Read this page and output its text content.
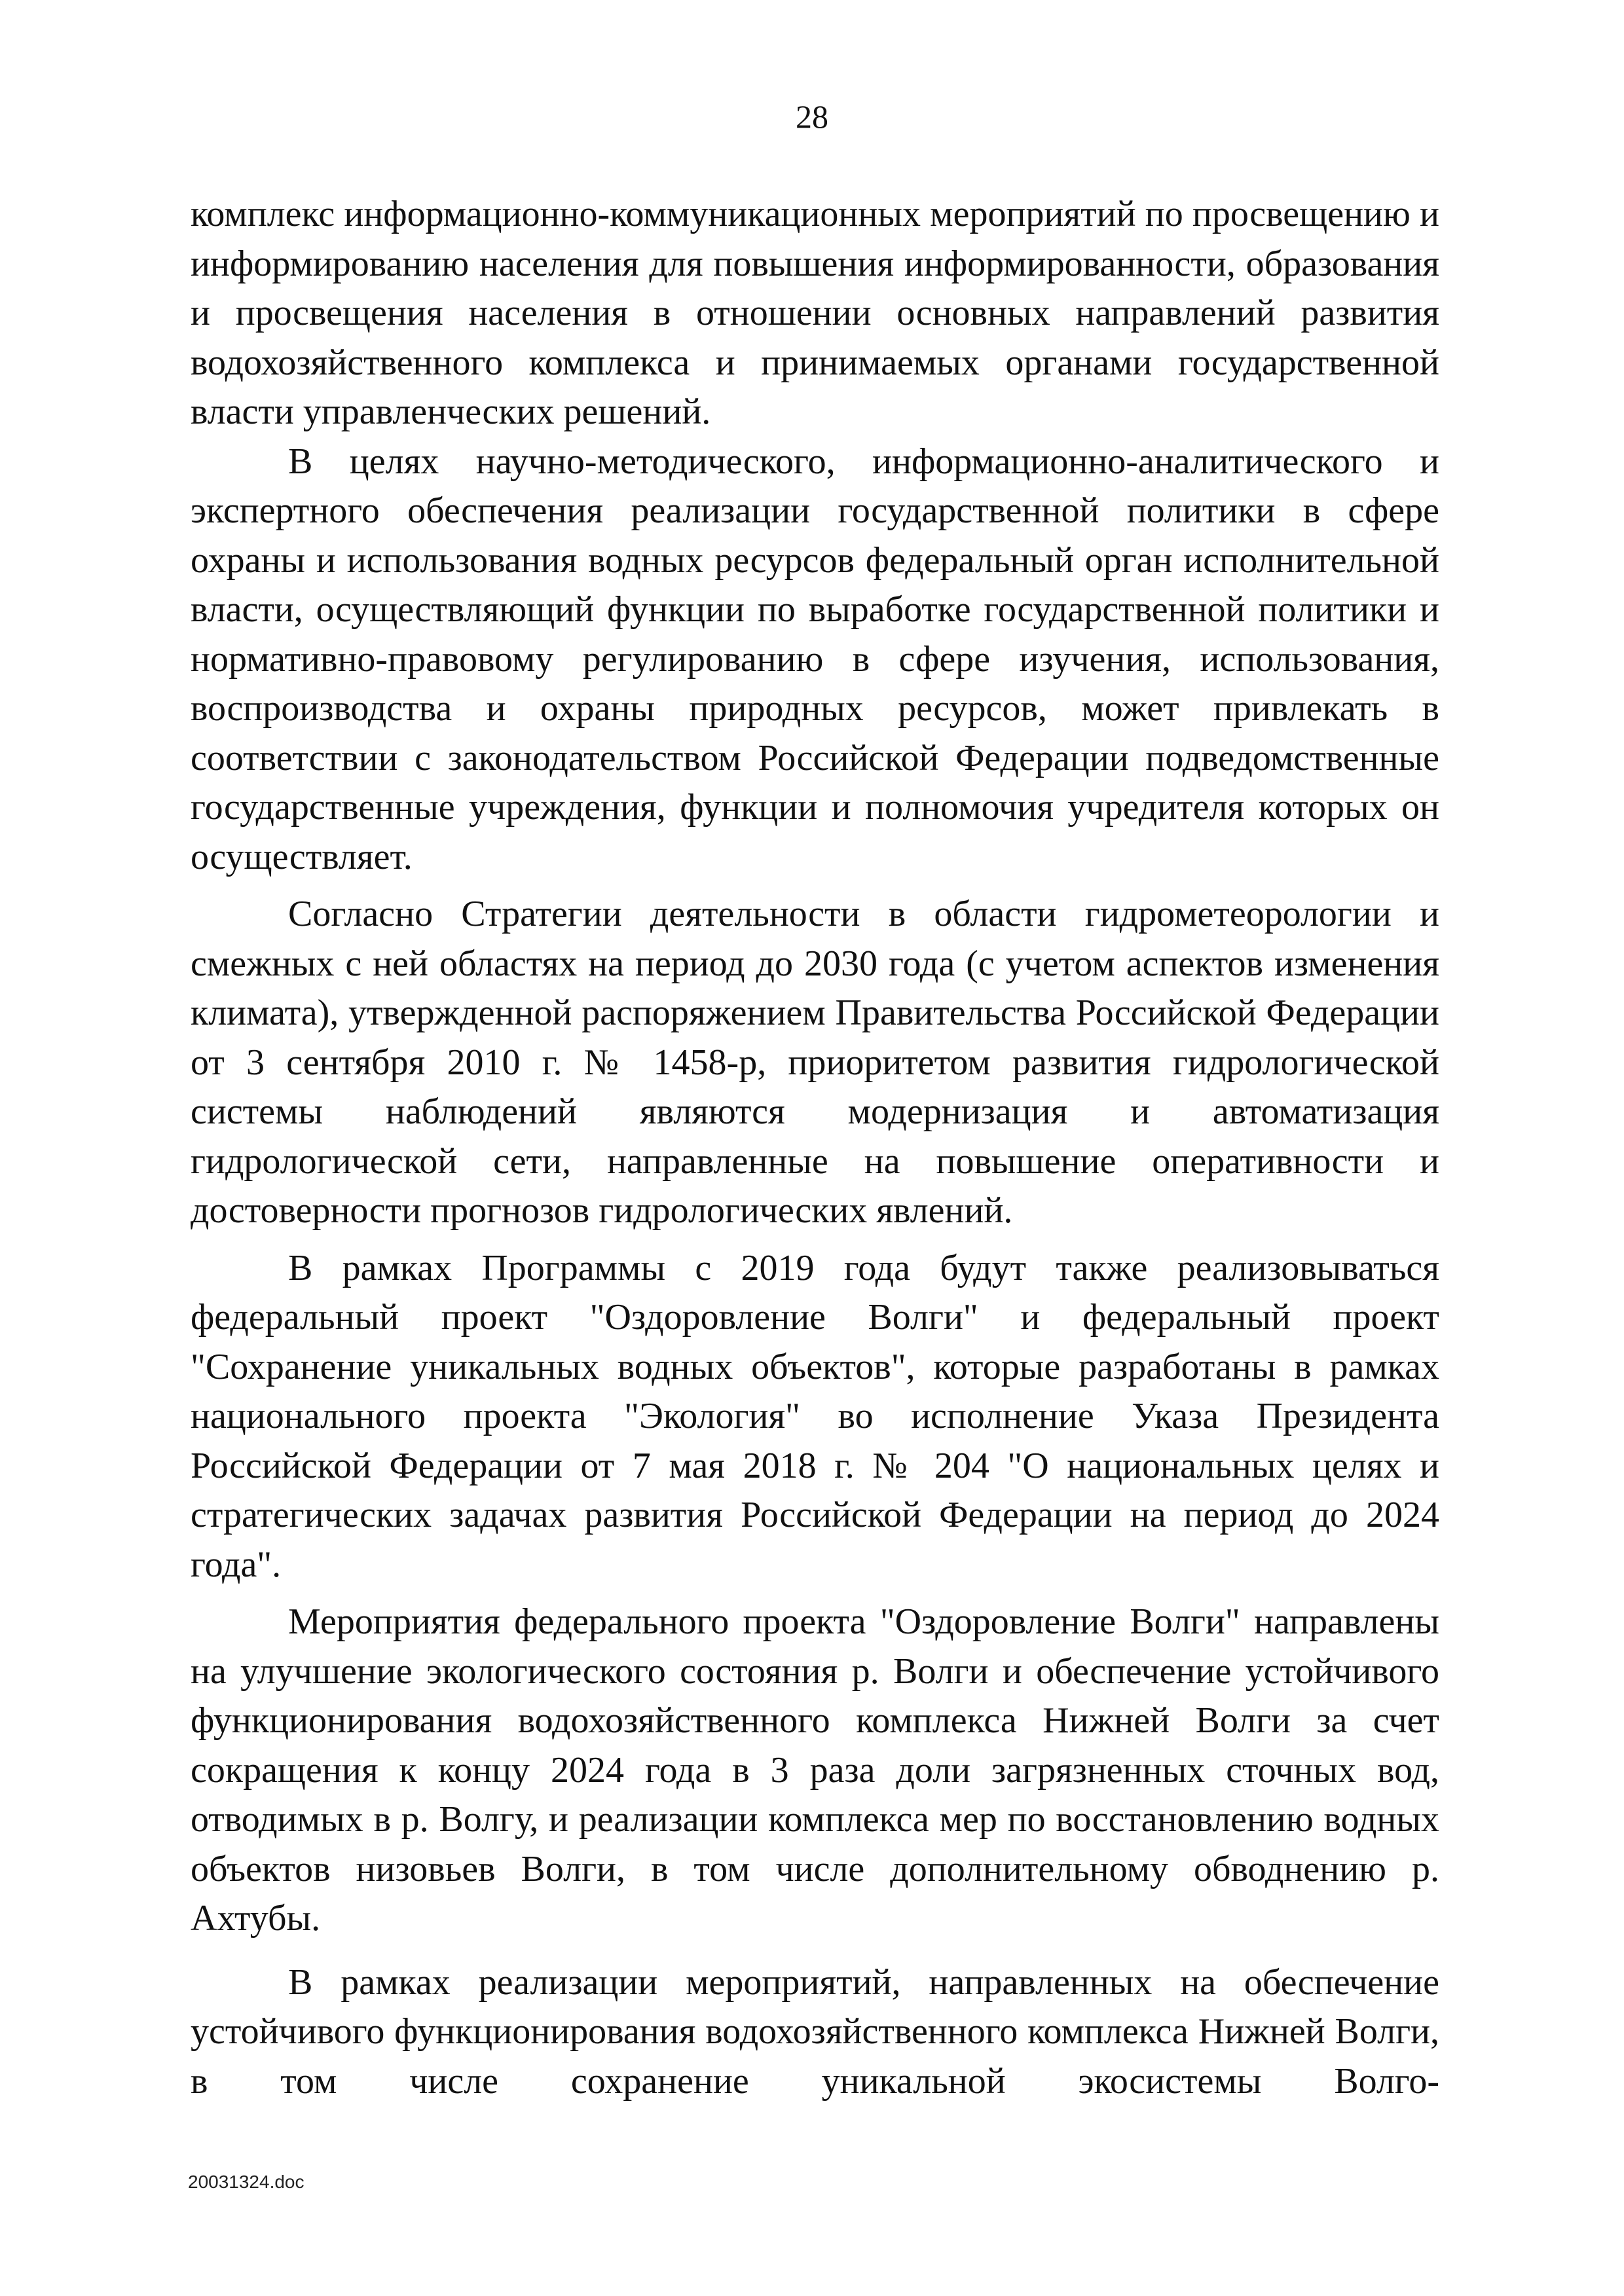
28

комплекс информационно-коммуникационных мероприятий по просвещению и информированию населения для повышения информированности, образования и просвещения населения в отношении основных направлений развития водохозяйственного комплекса и принимаемых органами государственной власти управленческих решений.

В целях научно-методического, информационно-аналитического и экспертного обеспечения реализации государственной политики в сфере охраны и использования водных ресурсов федеральный орган исполнительной власти, осуществляющий функции по выработке государственной политики и нормативно-правовому регулированию в сфере изучения, использования, воспроизводства и охраны природных ресурсов, может привлекать в соответствии с законодательством Российской Федерации подведомственные государственные учреждения, функции и полномочия учредителя которых он осуществляет.

Согласно Стратегии деятельности в области гидрометеорологии и смежных с ней областях на период до 2030 года (с учетом аспектов изменения климата), утвержденной распоряжением Правительства Российской Федерации от 3 сентября 2010 г. № 1458-р, приоритетом развития гидрологической системы наблюдений являются модернизация и автоматизация гидрологической сети, направленные на повышение оперативности и достоверности прогнозов гидрологических явлений.

В рамках Программы с 2019 года будут также реализовываться федеральный проект "Оздоровление Волги" и федеральный проект "Сохранение уникальных водных объектов", которые разработаны в рамках национального проекта "Экология" во исполнение Указа Президента Российской Федерации от 7 мая 2018 г. № 204 "О национальных целях и стратегических задачах развития Российской Федерации на период до 2024 года".

Мероприятия федерального проекта "Оздоровление Волги" направлены на улучшение экологического состояния р. Волги и обеспечение устойчивого функционирования водохозяйственного комплекса Нижней Волги за счет сокращения к концу 2024 года в 3 раза доли загрязненных сточных вод, отводимых в р. Волгу, и реализации комплекса мер по восстановлению водных объектов низовьев Волги, в том числе дополнительному обводнению р. Ахтубы.

В рамках реализации мероприятий, направленных на обеспечение устойчивого функционирования водохозяйственного комплекса Нижней Волги, в том числе сохранение уникальной экосистемы Волго-

20031324.doc
